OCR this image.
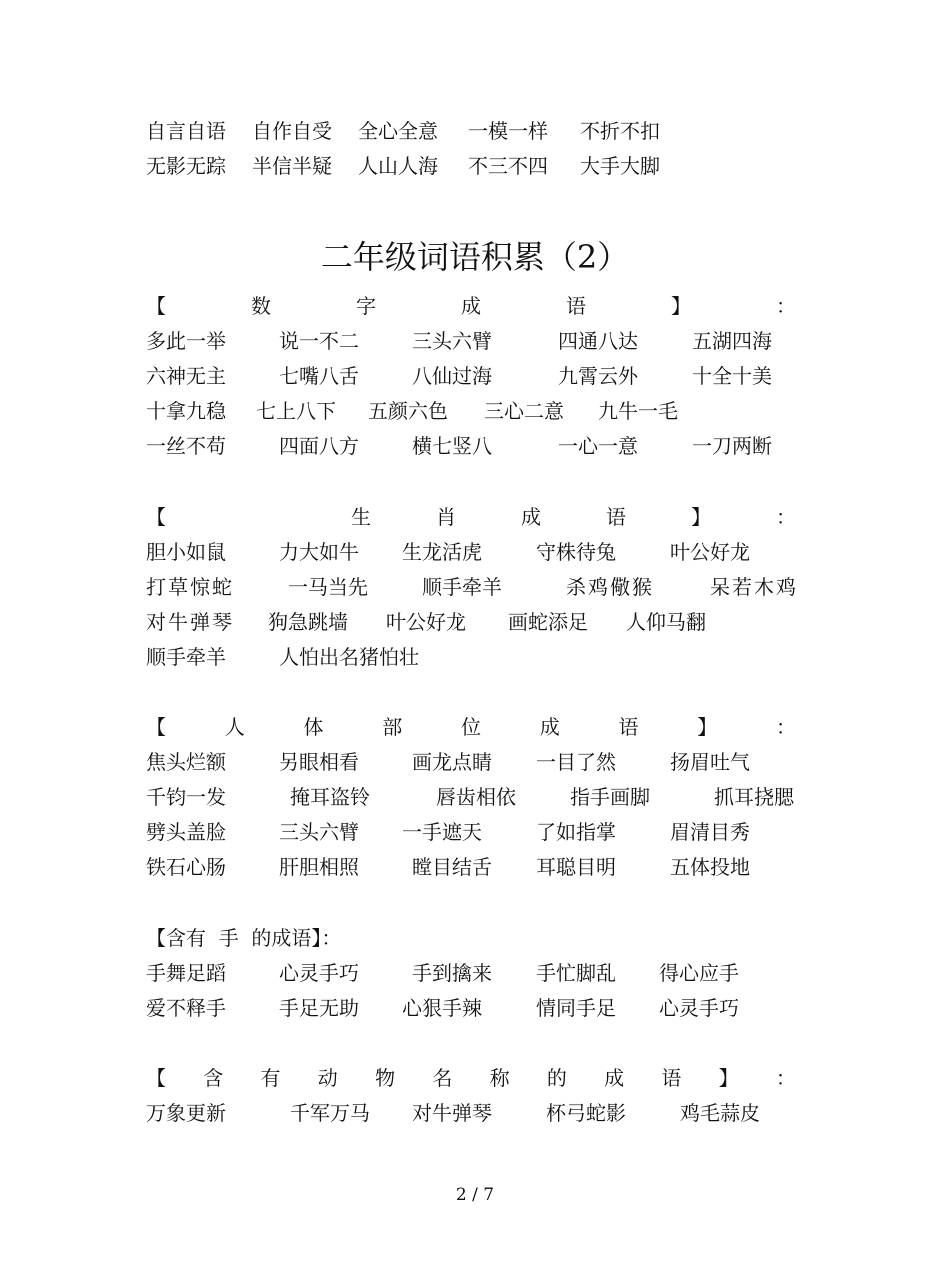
自言自语 自作自受 全心全意 一模一样 不折不扣
无影无踪 半信半疑 人山人海 不三不四 大手大脚
二年级词语积累（2）
【	数	字	成	语	】	：
多此一举	说一不二	三头六臂	四通八达	五湖四海
六神无主	七嘴八舌	八仙过海	九霄云外	十全十美
十拿九稳 七上八下 五颜六色 三心二意 九牛一毛
一丝不苟	四面八方	横七竖八	一心一意	一刀两断
【	生	肖	成	语	】	：
胆小如鼠	力大如牛 生龙活虎	守株待兔	叶公好龙
打草惊蛇	一马当先	顺手牵羊	杀鸡儆猴	呆若木鸡
对牛弹琴 狗急跳墙 叶公好龙 画蛇添足 人仰马翻
顺手牵羊	人怕出名猪怕壮
【	人	体	部	位	成	语	】	：
焦头烂额	另眼相看	画龙点睛 一目了然	扬眉吐气
千钧一发	掩耳盗铃	唇齿相依	指手画脚	抓耳挠腮
劈头盖脸	三头六臂 一手遮天	了如指掌	眉清目秀
铁石心肠	肝胆相照	瞠目结舌 耳聪目明	五体投地
【含有  手  的成语】：
手舞足蹈	心灵手巧	手到擒来 手忙脚乱 得心应手
爱不释手	手足无助 心狠手辣	情同手足 心灵手巧
【 含 有 动 物 名 称 的 成 语 】 ：
万象更新	千军万马 对牛弹琴	杯弓蛇影	鸡毛蒜皮
2 / 7
